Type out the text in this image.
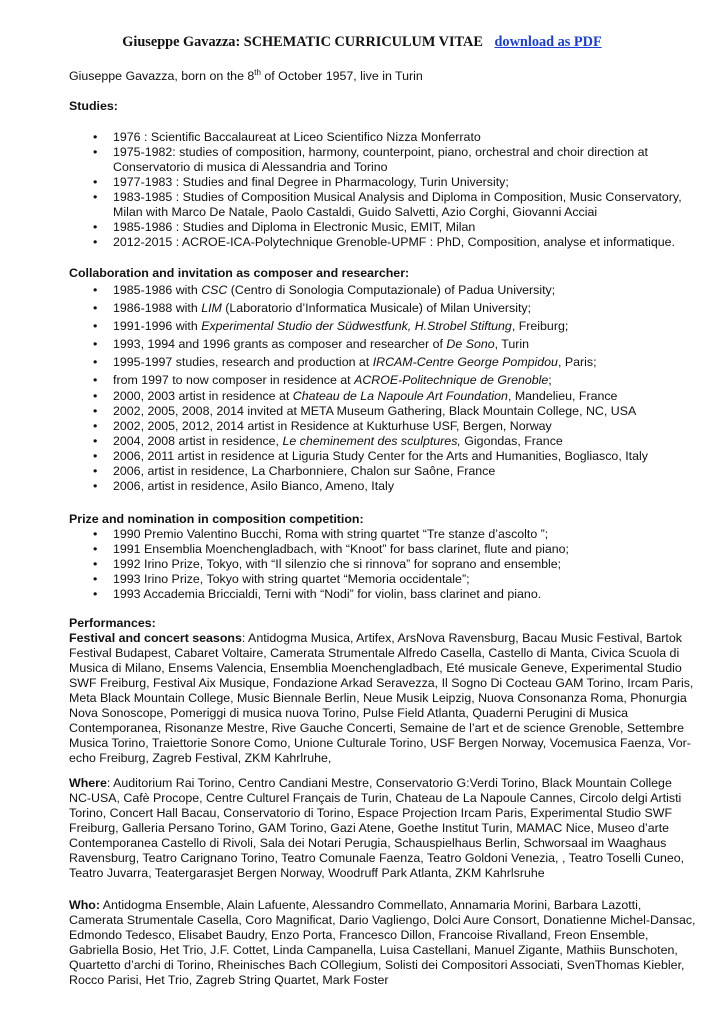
Giuseppe Gavazza: SCHEMATIC CURRICULUM VITAE download as PDF
Giuseppe Gavazza, born on the 8th of October 1957, live in Turin
Studies:
• 1976 : Scientific Baccalaureat at Liceo Scientifico Nizza Monferrato
• 1975-1982: studies of composition, harmony, counterpoint, piano, orchestral and choir direction at
Conservatorio di musica di Alessandria and Torino
• 1977-1983 : Studies and final Degree in Pharmacology, Turin University;
• 1983-1985 : Studies of Composition Musical Analysis and Diploma in Composition, Music Conservatory,
Milan with Marco De Natale, Paolo Castaldi, Guido Salvetti, Azio Corghi, Giovanni Acciai
• 1985-1986 : Studies and Diploma in Electronic Music, EMIT, Milan
• 2012-2015 : ACROE-ICA-Polytechnique Grenoble-UPMF : PhD, Composition, analyse et informatique.
Collaboration and invitation as composer and researcher:
• 1985-1986 with CSC (Centro di Sonologia Computazionale) of Padua University;
• 1986-1988 with LIM (Laboratorio d’Informatica Musicale) of Milan University;
• 1991-1996 with Experimental Studio der Südwestfunk, H.Strobel Stiftung, Freiburg;
• 1993, 1994 and 1996 grants as composer and researcher of De Sono, Turin
• 1995-1997 studies, research and production at IRCAM-Centre George Pompidou, Paris;
• from 1997 to now composer in residence at ACROE-Politechnique de Grenoble;
• 2000, 2003 artist in residence at Chateau de La Napoule Art Foundation, Mandelieu, France
• 2002, 2005, 2008, 2014 invited at META Museum Gathering, Black Mountain College, NC, USA
• 2002, 2005, 2012, 2014 artist in Residence at Kukturhuse USF, Bergen, Norway
• 2004, 2008 artist in residence, Le cheminement des sculptures, Gigondas, France
• 2006, 2011 artist in residence at Liguria Study Center for the Arts and Humanities, Bogliasco, Italy
• 2006, artist in residence, La Charbonniere, Chalon sur Saône, France
• 2006, artist in residence, Asilo Bianco, Ameno, Italy
Prize and nomination in composition competition:
• 1990 Premio Valentino Bucchi, Roma with string quartet “Tre stanze d’ascolto ”;
• 1991 Ensemblia Moenchengladbach, with “Knoot” for bass clarinet, flute and piano;
• 1992 Irino Prize, Tokyo, with “Il silenzio che si rinnova” for soprano and ensemble;
• 1993 Irino Prize, Tokyo with string quartet “Memoria occidentale”;
• 1993 Accademia Briccialdi, Terni with “Nodi” for violin, bass clarinet and piano.
Performances:
Festival and concert seasons: Antidogma Musica, Artifex, ArsNova Ravensburg, Bacau Music Festival, Bartok
Festival Budapest, Cabaret Voltaire, Camerata Strumentale Alfredo Casella, Castello di Manta, Civica Scuola di
Musica di Milano, Ensems Valencia, Ensemblia Moenchengladbach, Eté musicale Geneve, Experimental Studio
SWF Freiburg, Festival Aix Musique, Fondazione Arkad Seravezza, Il Sogno Di Cocteau GAM Torino, Ircam Paris,
Meta Black Mountain College, Music Biennale Berlin, Neue Musik Leipzig, Nuova Consonanza Roma, Phonurgia
Nova Sonoscope, Pomeriggi di musica nuova Torino, Pulse Field Atlanta, Quaderni Perugini di Musica
Contemporanea, Risonanze Mestre, Rive Gauche Concerti, Semaine de l’art et de science Grenoble, Settembre
Musica Torino, Traiettorie Sonore Como, Unione Culturale Torino, USF Bergen Norway, Vocemusica Faenza, Vor-
echo Freiburg, Zagreb Festival, ZKM Kahrlruhe,
Where: Auditorium Rai Torino, Centro Candiani Mestre, Conservatorio G:Verdi Torino, Black Mountain College
NC-USA, Cafè Procope, Centre Culturel Français de Turin, Chateau de La Napoule Cannes, Circolo delgi Artisti
Torino, Concert Hall Bacau, Conservatorio di Torino, Espace Projection Ircam Paris, Experimental Studio SWF
Freiburg, Galleria Persano Torino, GAM Torino, Gazi Atene, Goethe Institut Turin, MAMAC Nice, Museo d’arte
Contemporanea Castello di Rivoli, Sala dei Notari Perugia, Schauspielhaus Berlin, Schworsaal im Waaghaus
Ravensburg, Teatro Carignano Torino, Teatro Comunale Faenza, Teatro Goldoni Venezia, , Teatro Toselli Cuneo,
Teatro Juvarra, Teatergarasjet Bergen Norway, Woodruff Park Atlanta, ZKM Kahrlsruhe
Who: Antidogma Ensemble, Alain Lafuente, Alessandro Commellato, Annamaria Morini, Barbara Lazotti,
Camerata Strumentale Casella, Coro Magnificat, Dario Vagliengo, Dolci Aure Consort, Donatienne Michel-Dansac,
Edmondo Tedesco, Elisabet Baudry, Enzo Porta, Francesco Dillon, Francoise Rivalland, Freon Ensemble,
Gabriella Bosio, Het Trio, J.F. Cottet, Linda Campanella, Luisa Castellani, Manuel Zigante, Mathiis Bunschoten,
Quartetto d’archi di Torino, Rheinisches Bach COllegium, Solisti dei Compositori Associati, SvenThomas Kiebler,
Rocco Parisi, Het Trio, Zagreb String Quartet, Mark Foster
